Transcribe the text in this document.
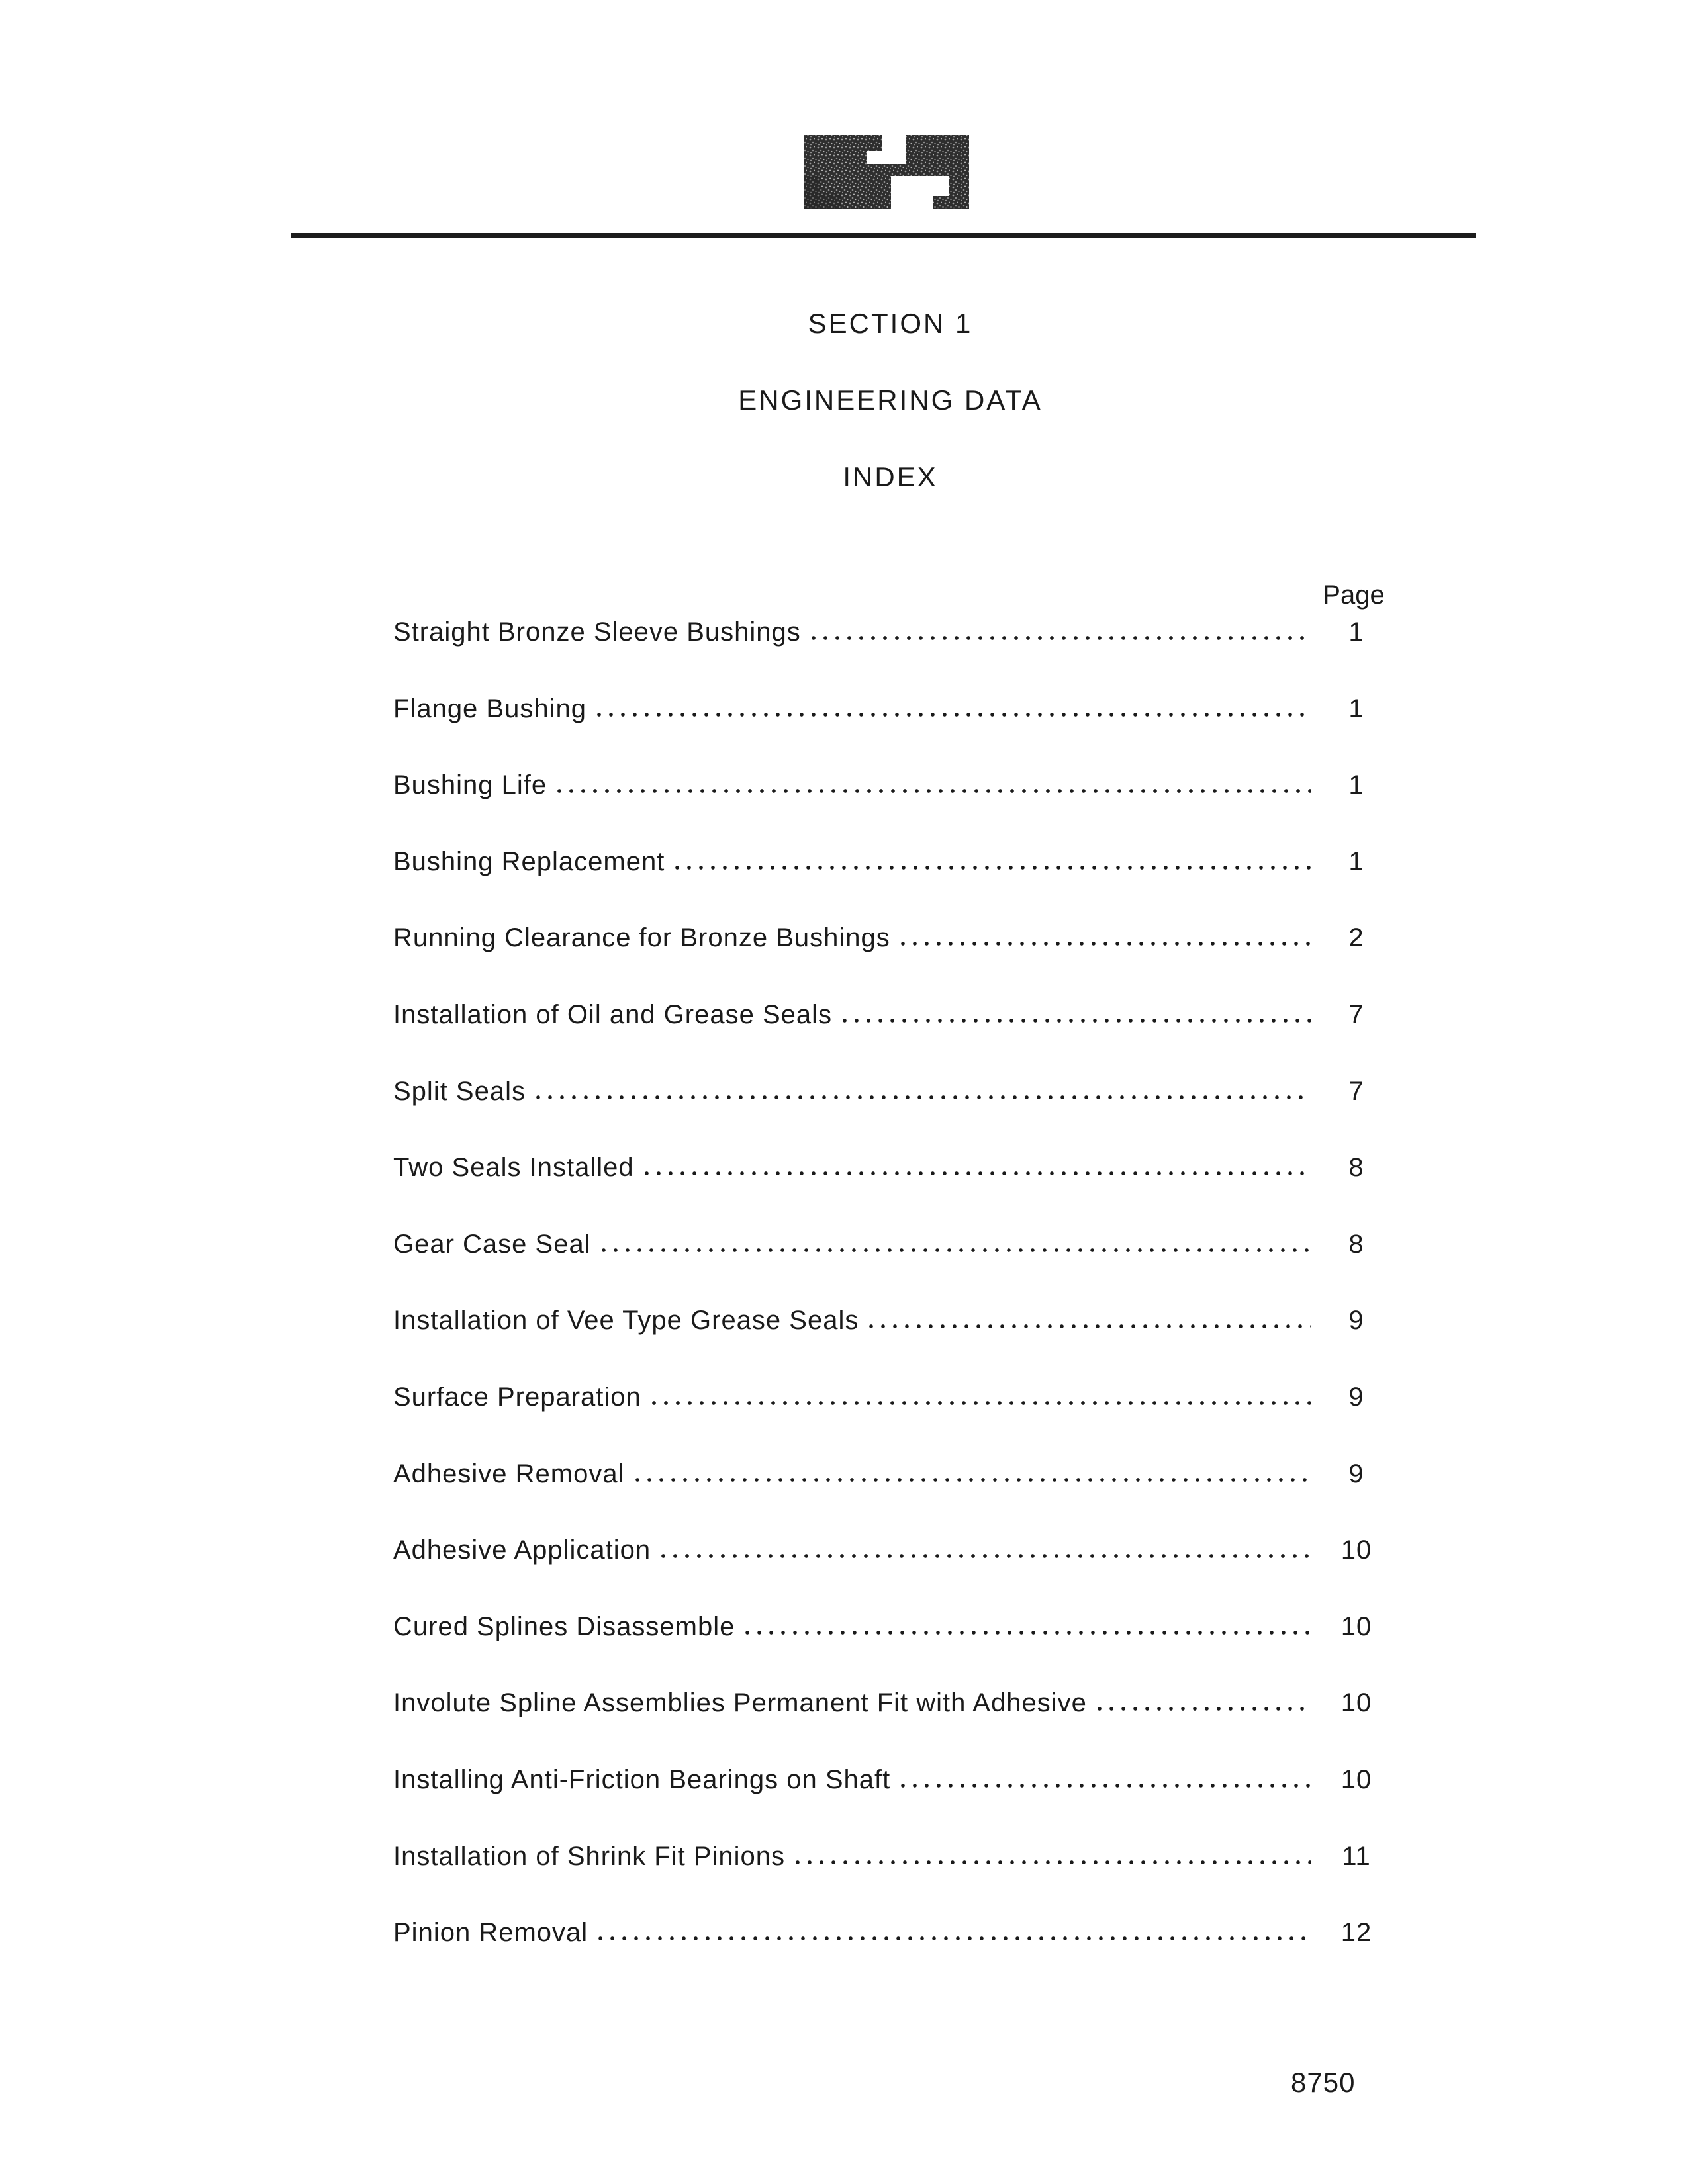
SECTION 1
ENGINEERING DATA
INDEX
Page
Straight Bronze Sleeve Bushings	1
Flange Bushing	1
Bushing Life	1
Bushing Replacement	1
Running Clearance for Bronze Bushings	2
Installation of Oil and Grease Seals	7
Split Seals	7
Two Seals Installed	8
Gear Case Seal	8
Installation of Vee Type Grease Seals	9
Surface Preparation	9
Adhesive Removal	9
Adhesive Application	10
Cured Splines Disassemble	10
Involute Spline Assemblies Permanent Fit with Adhesive	10
Installing Anti-Friction Bearings on Shaft	10
Installation of Shrink Fit Pinions	11
Pinion Removal	12
8750
